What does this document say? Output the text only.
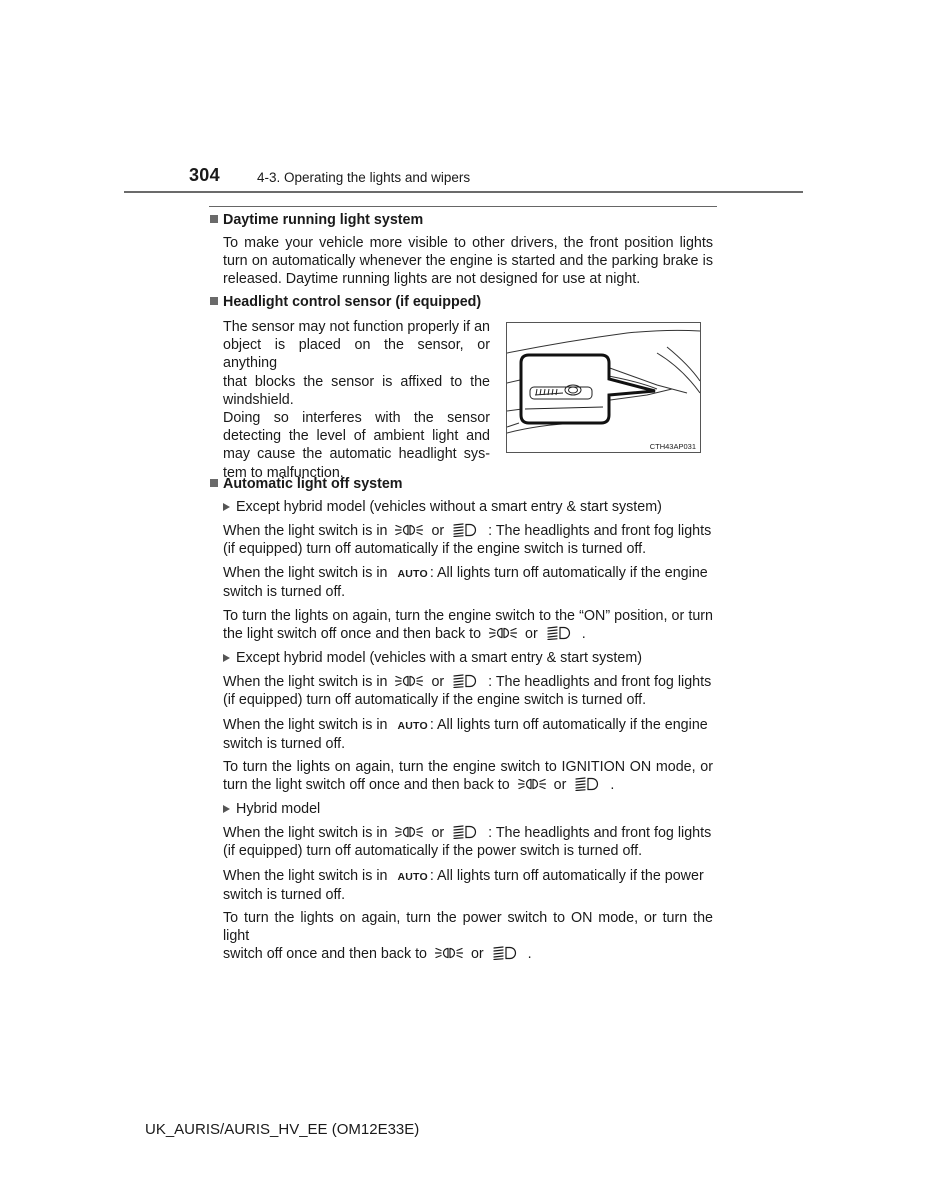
304	4-3. Operating the lights and wipers
Daytime running light system
To make your vehicle more visible to other drivers, the front position lights
turn on automatically whenever the engine is started and the parking brake is
released. Daytime running lights are not designed for use at night.
Headlight control sensor (if equipped)
The sensor may not function properly if an
object is placed on the sensor, or anything
that blocks the sensor is affixed to the
windshield.
Doing so interferes with the sensor
detecting the level of ambient light and
may cause the automatic headlight sys-
tem to malfunction.
CTH43AP031
Automatic light off system
Except hybrid model (vehicles without a smart entry & start system)
When the light switch is in	or	: The headlights and front fog lights
(if equipped) turn off automatically if the engine switch is turned off.
When the light switch is in AUTO : All lights turn off automatically if the engine
switch is turned off.
To turn the lights on again, turn the engine switch to the “ON” position, or turn
the light switch off once and then back to	or	.
Except hybrid model (vehicles with a smart entry & start system)
When the light switch is in	or	: The headlights and front fog lights
(if equipped) turn off automatically if the engine switch is turned off.
When the light switch is in AUTO : All lights turn off automatically if the engine
switch is turned off.
To turn the lights on again, turn the engine switch to IGNITION ON mode, or
turn the light switch off once and then back to	or	.
Hybrid model
When the light switch is in	or	: The headlights and front fog lights
(if equipped) turn off automatically if the power switch is turned off.
When the light switch is in AUTO : All lights turn off automatically if the power
switch is turned off.
To turn the lights on again, turn the power switch to ON mode, or turn the light
switch off once and then back to	or	.
UK_AURIS/AURIS_HV_EE (OM12E33E)
